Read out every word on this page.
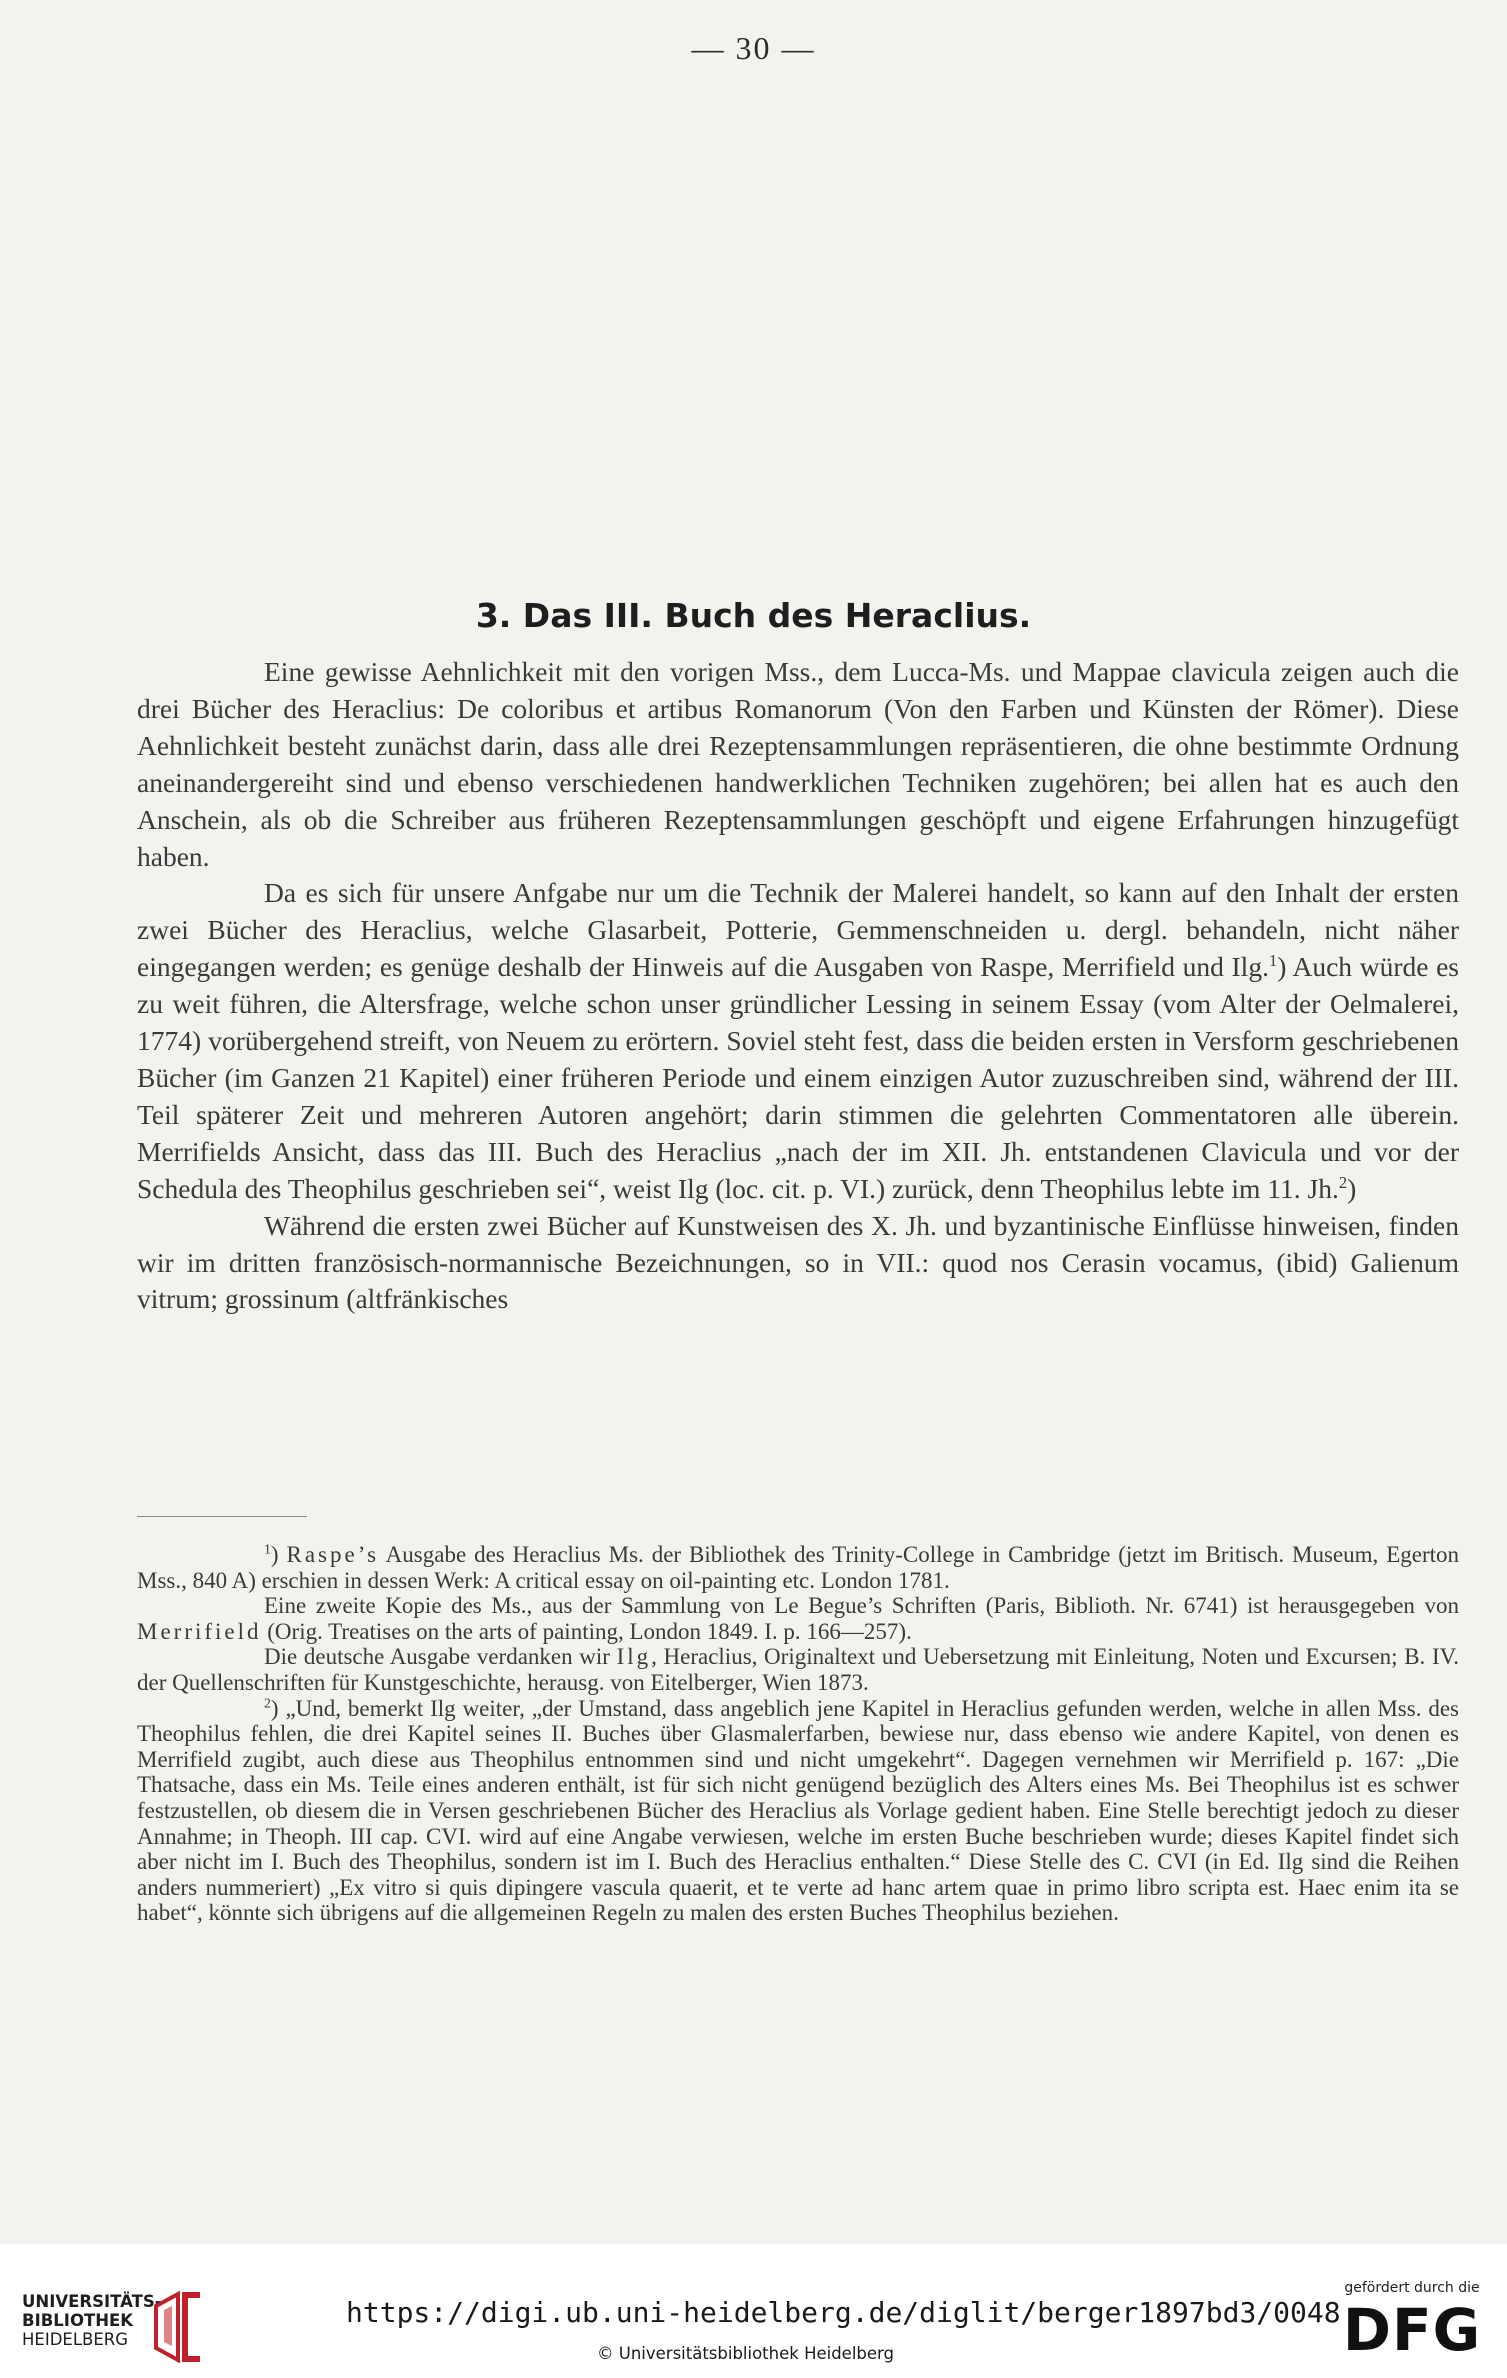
— 30 —
3. Das III. Buch des Heraclius.

Eine gewisse Aehnlichkeit mit den vorigen Mss., dem Lucca-Ms. und Mappae clavicula zeigen auch die drei Bücher des Heraclius: De coloribus et artibus Romanorum (Von den Farben und Künsten der Römer). Diese Aehnlichkeit besteht zunächst darin, dass alle drei Rezeptensammlungen repräsentieren, die ohne bestimmte Ordnung aneinandergereiht sind und ebenso verschiedenen handwerklichen Techniken zugehören; bei allen hat es auch den Anschein, als ob die Schreiber aus früheren Rezeptensammlungen geschöpft und eigene Erfahrungen hinzugefügt haben.

Da es sich für unsere Anfgabe nur um die Technik der Malerei handelt, so kann auf den Inhalt der ersten zwei Bücher des Heraclius, welche Glasarbeit, Potterie, Gemmenschneiden u. dergl. behandeln, nicht näher eingegangen werden; es genüge deshalb der Hinweis auf die Ausgaben von Raspe, Merrifield und Ilg.$^1$) Auch würde es zu weit führen, die Altersfrage, welche schon unser gründlicher Lessing in seinem Essay (vom Alter der Oelmalerei, 1774) vorübergehend streift, von Neuem zu erörtern. Soviel steht fest, dass die beiden ersten in Versform geschriebenen Bücher (im Ganzen 21 Kapitel) einer früheren Periode und einem einzigen Autor zuzuschreiben sind, während der III. Teil späterer Zeit und mehreren Autoren angehört; darin stimmen die gelehrten Commentatoren alle überein. Merrifields Ansicht, dass das III. Buch des Heraclius „nach der im XII. Jh. entstandenen Clavicula und vor der Schedula des Theophilus geschrieben sei“, weist Ilg (loc. cit. p. VI.) zurück, denn Theophilus lebte im 11. Jh.$^2$)

Während die ersten zwei Bücher auf Kunstweisen des X. Jh. und byzantinische Einflüsse hinweisen, finden wir im dritten französisch-normannische Bezeichnungen, so in VII.: quod nos Cerasin vocamus, (ibid) Galienum vitrum; grossinum (altfränkisches

$^1$) Raspe’s Ausgabe des Heraclius Ms. der Bibliothek des Trinity-College in Cambridge (jetzt im Britisch. Museum, Egerton Mss., 840 A) erschien in dessen Werk: A critical essay on oil-painting etc. London 1781.

Eine zweite Kopie des Ms., aus der Sammlung von Le Begue’s Schriften (Paris, Biblioth. Nr. 6741) ist herausgegeben von Merrifield (Orig. Treatises on the arts of painting, London 1849. I. p. 166—257).

Die deutsche Ausgabe verdanken wir Ilg, Heraclius, Originaltext und Uebersetzung mit Einleitung, Noten und Excursen; B. IV. der Quellenschriften für Kunstgeschichte, herausg. von Eitelberger, Wien 1873.

$^2$) „Und, bemerkt Ilg weiter, „der Umstand, dass angeblich jene Kapitel in Heraclius gefunden werden, welche in allen Mss. des Theophilus fehlen, die drei Kapitel seines II. Buches über Glasmalerfarben, bewiese nur, dass ebenso wie andere Kapitel, von denen es Merrifield zugibt, auch diese aus Theophilus entnommen sind und nicht umgekehrt“. Dagegen vernehmen wir Merrifield p. 167: „Die Thatsache, dass ein Ms. Teile eines anderen enthält, ist für sich nicht genügend bezüglich des Alters eines Ms. Bei Theophilus ist es schwer festzustellen, ob diesem die in Versen geschriebenen Bücher des Heraclius als Vorlage gedient haben. Eine Stelle berechtigt jedoch zu dieser Annahme; in Theoph. III cap. CVI. wird auf eine Angabe verwiesen, welche im ersten Buche beschrieben wurde; dieses Kapitel findet sich aber nicht im I. Buch des Theophilus, sondern ist im I. Buch des Heraclius enthalten.“ Diese Stelle des C. CVI (in Ed. Ilg sind die Reihen anders nummeriert) „Ex vitro si quis dipingere vascula quaerit, et te verte ad hanc artem quae in primo libro scripta est. Haec enim ita se habet“, könnte sich übrigens auf die allgemeinen Regeln zu malen des ersten Buches Theophilus beziehen.

UNIVERSITÄTS-
BIBLIOTHEK
HEIDELBERG
https://digi.ub.uni-heidelberg.de/diglit/berger1897bd3/0048
© Universitätsbibliothek Heidelberg
gefördert durch die
DFG
